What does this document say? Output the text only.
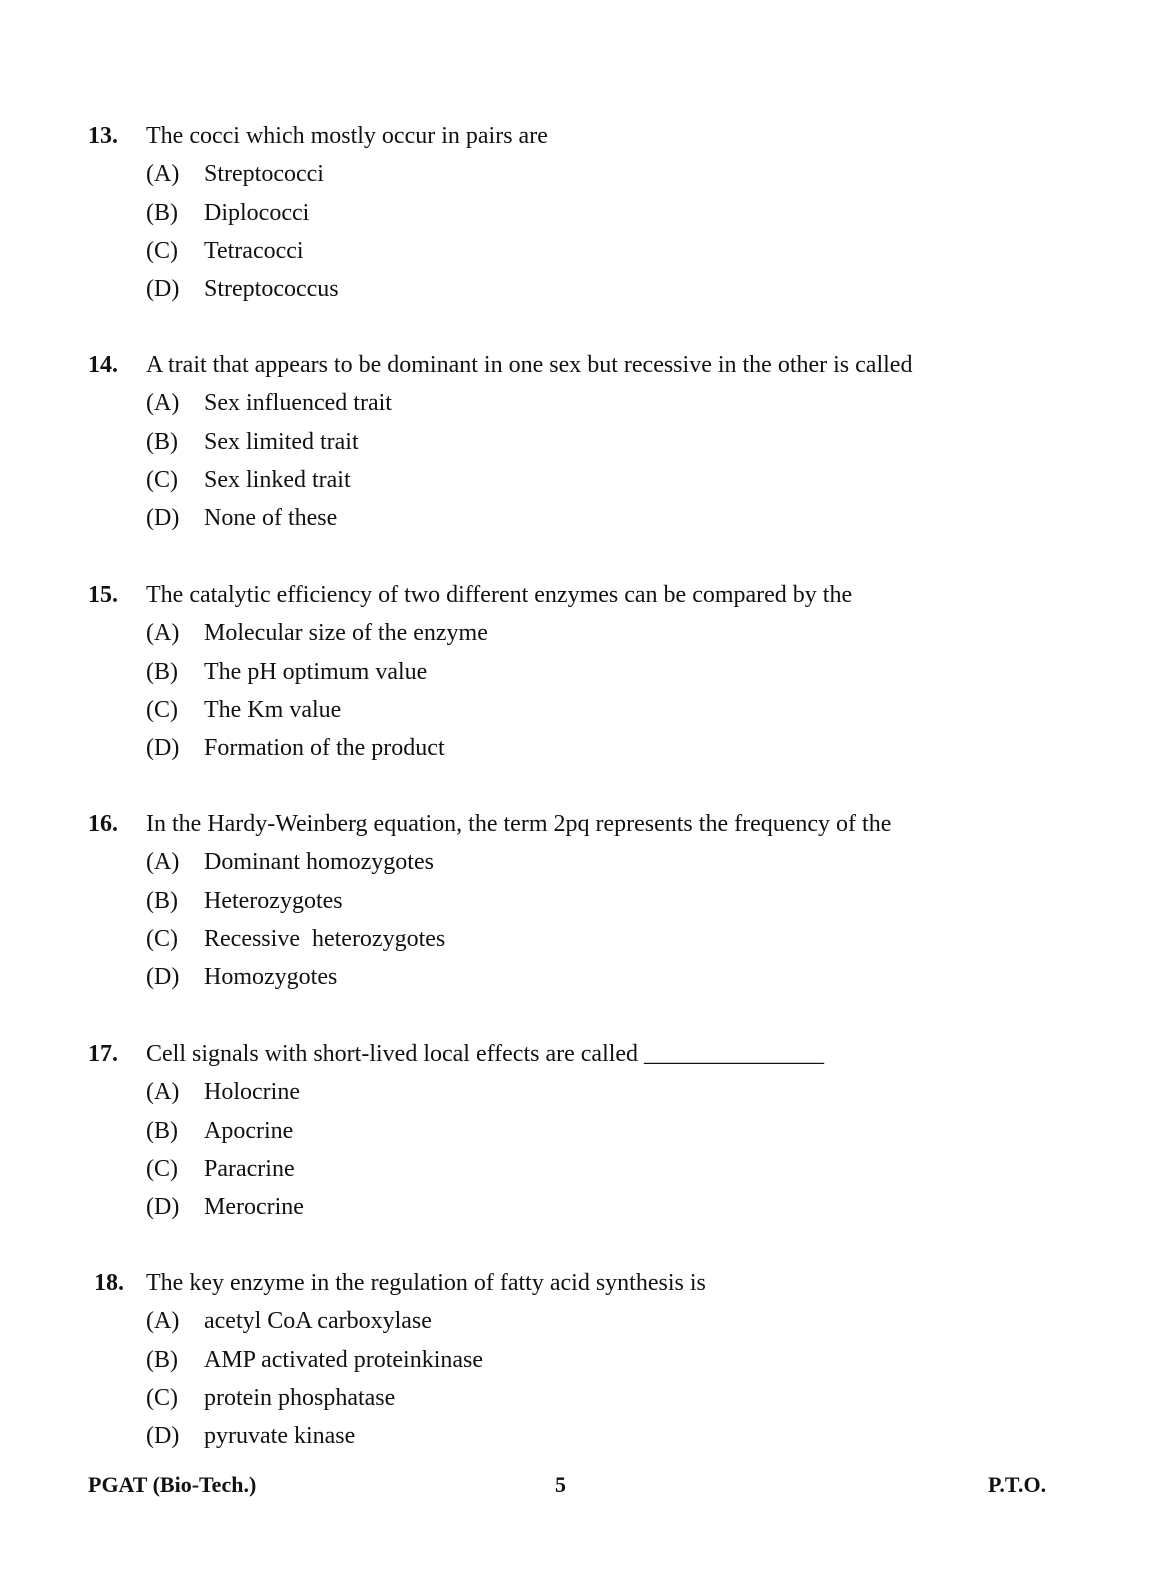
13. The cocci which mostly occur in pairs are
(A) Streptococci
(B) Diplococci
(C) Tetracocci
(D) Streptococcus
14. A trait that appears to be dominant in one sex but recessive in the other is called
(A) Sex influenced trait
(B) Sex limited trait
(C) Sex linked trait
(D) None of these
15. The catalytic efficiency of two different enzymes can be compared by the
(A) Molecular size of the enzyme
(B) The pH optimum value
(C) The Km value
(D) Formation of the product
16. In the Hardy-Weinberg equation, the term 2pq represents the frequency of the
(A) Dominant homozygotes
(B) Heterozygotes
(C) Recessive  heterozygotes
(D) Homozygotes
17. Cell signals with short-lived local effects are called _______________
(A) Holocrine
(B) Apocrine
(C) Paracrine
(D) Merocrine
18. The key enzyme in the regulation of fatty acid synthesis is
(A) acetyl CoA carboxylase
(B) AMP activated proteinkinase
(C) protein phosphatase
(D) pyruvate kinase
PGAT (Bio-Tech.)	5	P.T.O.
